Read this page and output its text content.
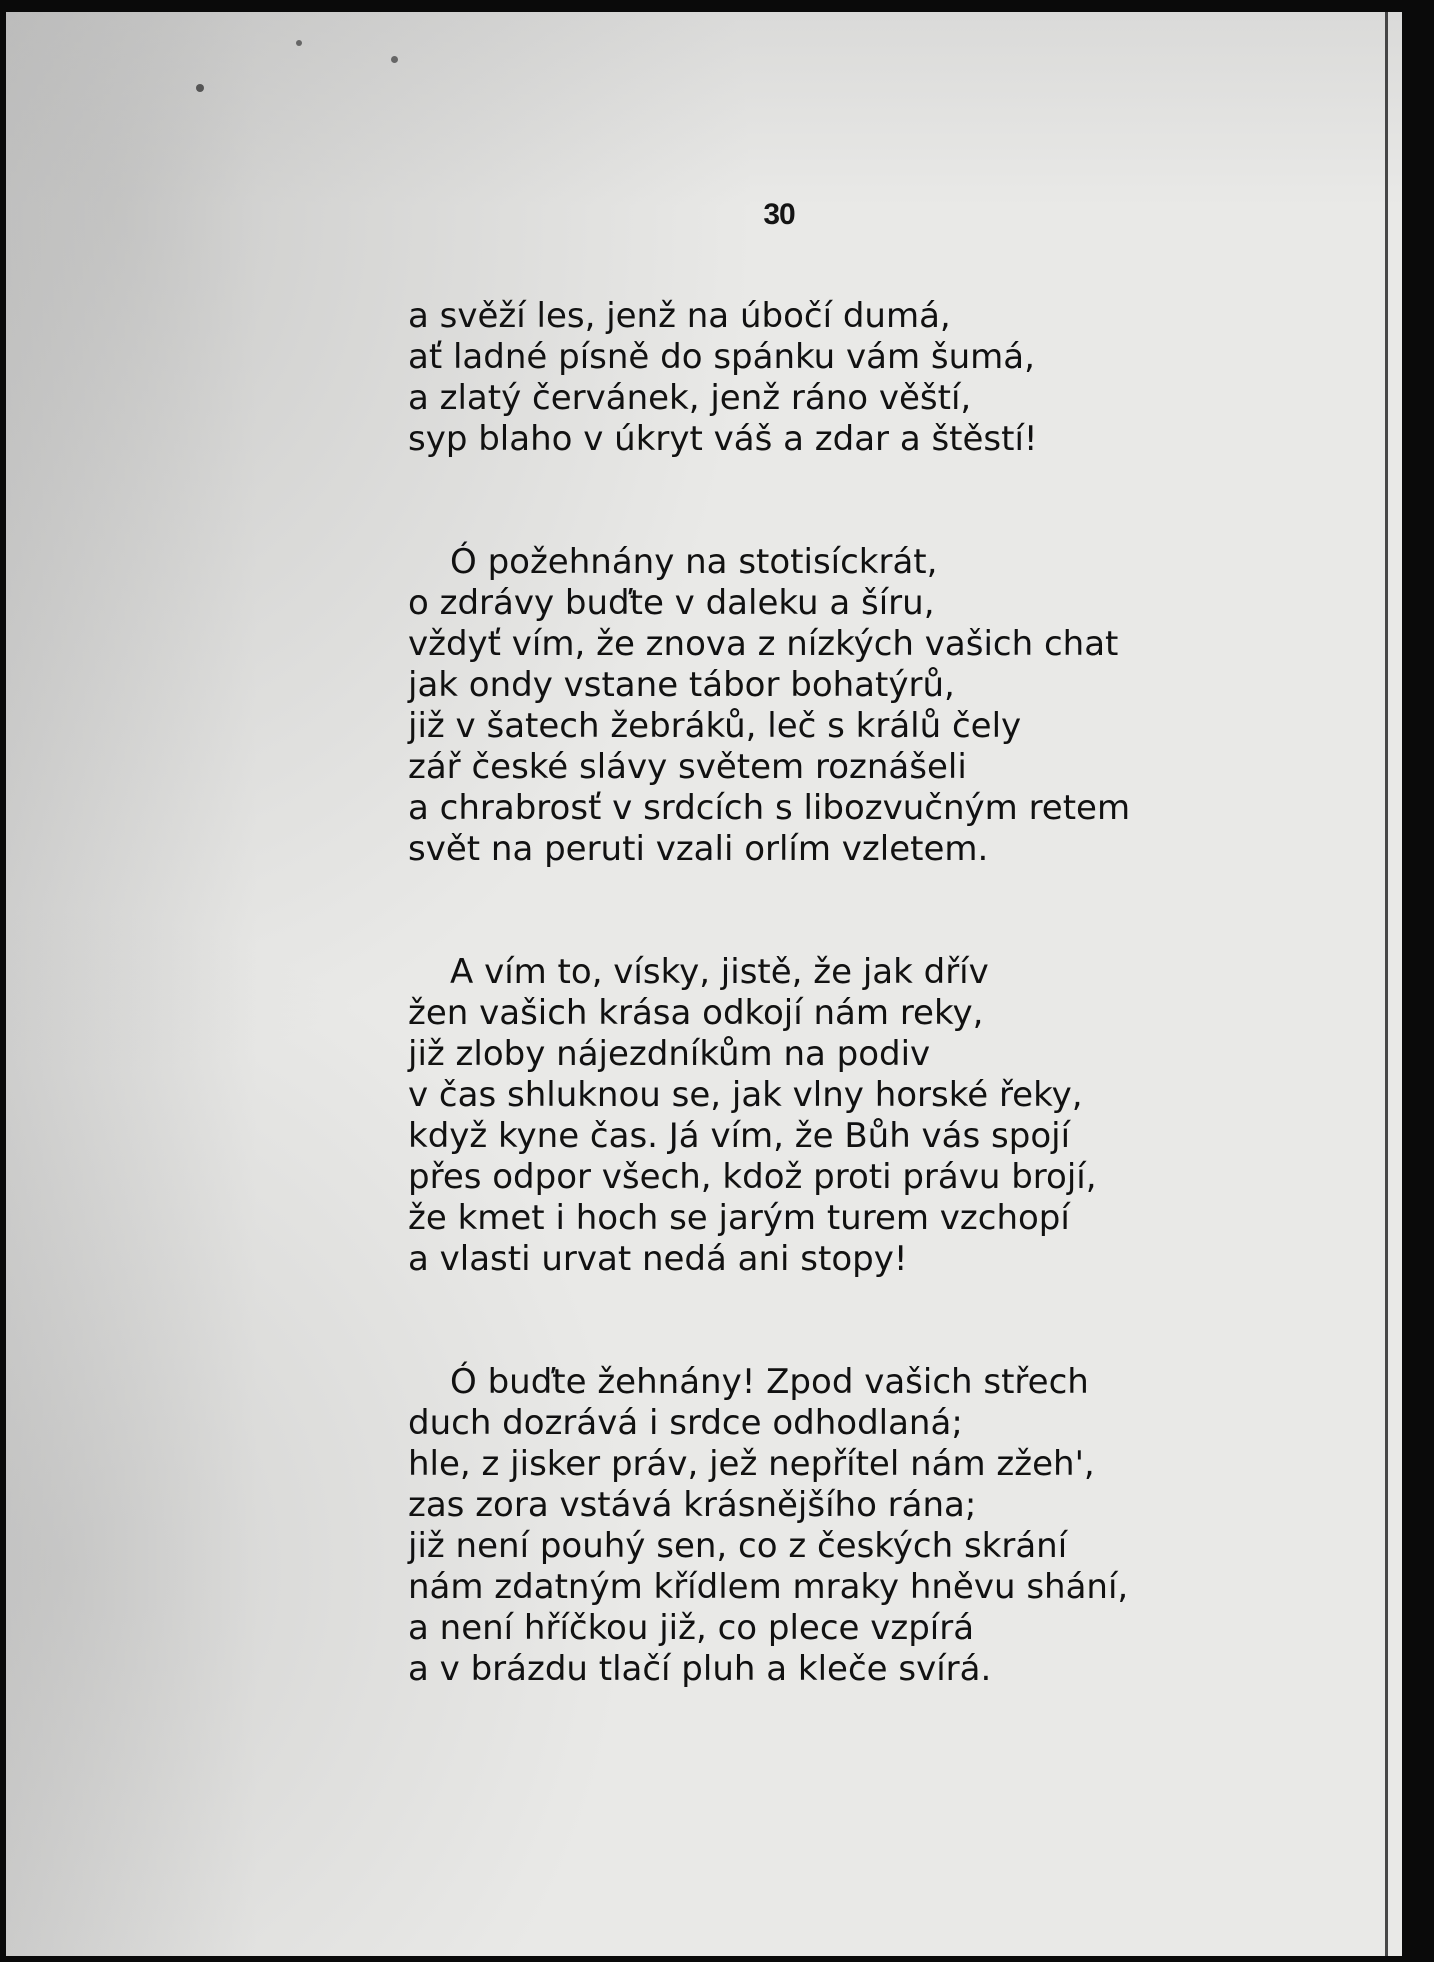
30
a svěží les, jenž na úbočí dumá,
ať ladné písně do spánku vám šumá,
a zlatý červánek, jenž ráno věští,
syp blaho v úkryt váš a zdar a štěstí!
Ó požehnány na stotisíckrát,
o zdrávy buďte v daleku a šíru,
vždyť vím, že znova z nízkých vašich chat
jak ondy vstane tábor bohatýrů,
již v šatech žebráků, leč s králů čely
zář české slávy světem roznášeli
a chrabrosť v srdcích s libozvučným retem
svět na peruti vzali orlím vzletem.
A vím to, vísky, jistě, že jak dřív
žen vašich krása odkojí nám reky,
již zloby nájezdníkům na podiv
v čas shluknou se, jak vlny horské řeky,
když kyne čas. Já vím, že Bůh vás spojí
přes odpor všech, kdož proti právu brojí,
že kmet i hoch se jarým turem vzchopí
a vlasti urvat nedá ani stopy!
Ó buďte žehnány! Zpod vašich střech
duch dozrává i srdce odhodlaná;
hle, z jisker práv, jež nepřítel nám zžeh',
zas zora vstává krásnějšího rána;
již není pouhý sen, co z českých skrání
nám zdatným křídlem mraky hněvu shání,
a není hříčkou již, co plece vzpírá
a v brázdu tlačí pluh a kleče svírá.
